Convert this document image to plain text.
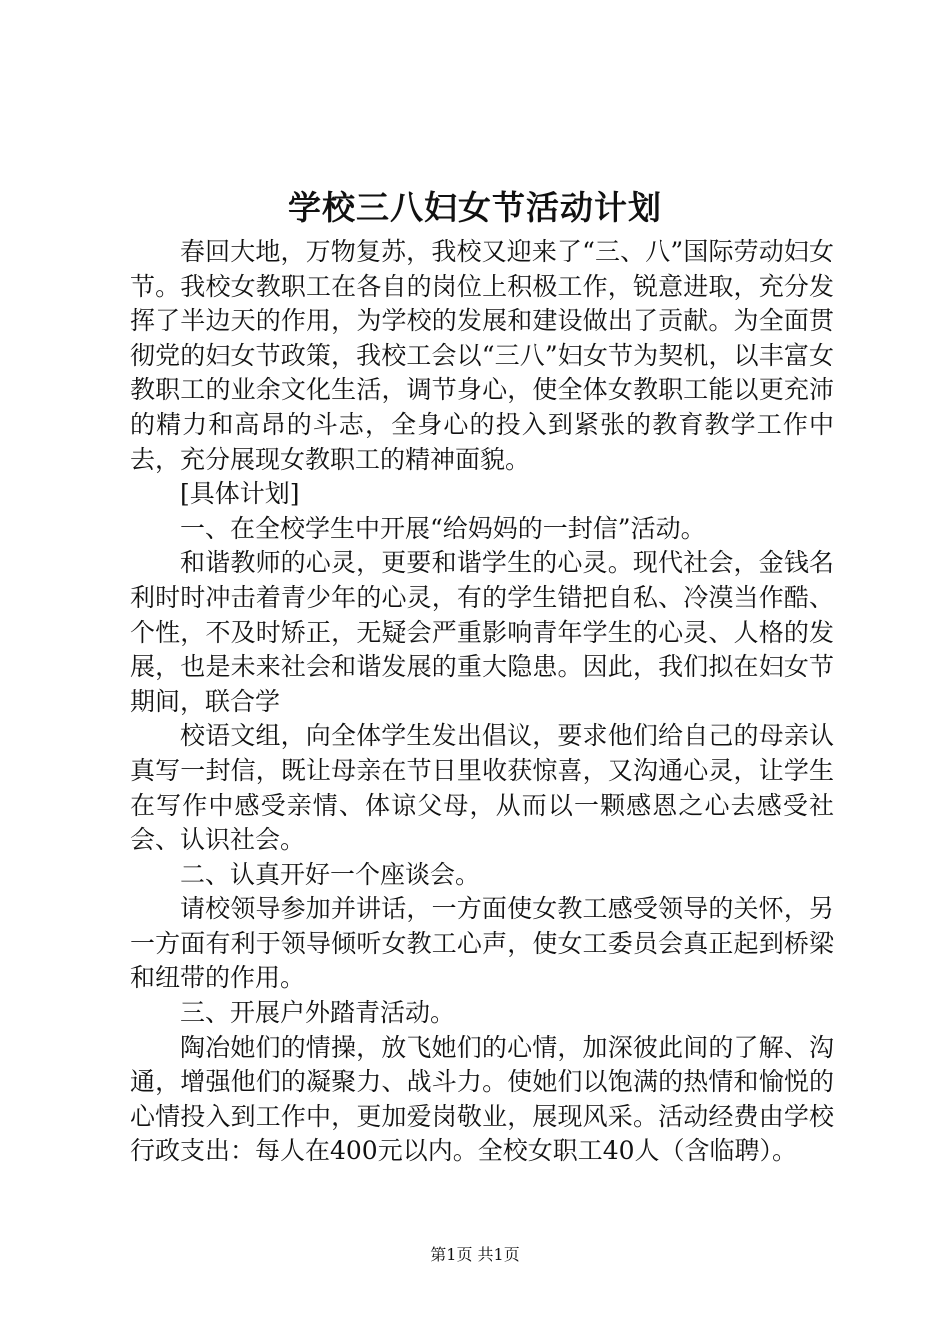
学校三八妇女节活动计划

春回大地，万物复苏，我校又迎来了“三、八”国际劳动妇女节。我校女教职工在各自的岗位上积极工作，锐意进取，充分发挥了半边天的作用，为学校的发展和建设做出了贡献。为全面贯彻党的妇女节政策，我校工会以“三八”妇女节为契机，以丰富女教职工的业余文化生活，调节身心，使全体女教职工能以更充沛的精力和高昂的斗志，全身心的投入到紧张的教育教学工作中去，充分展现女教职工的精神面貌。

[具体计划]

一、在全校学生中开展“给妈妈的一封信”活动。

和谐教师的心灵，更要和谐学生的心灵。现代社会，金钱名利时时冲击着青少年的心灵，有的学生错把自私、冷漠当作酷、个性，不及时矫正，无疑会严重影响青年学生的心灵、人格的发展，也是未来社会和谐发展的重大隐患。因此，我们拟在妇女节期间，联合学

校语文组，向全体学生发出倡议，要求他们给自己的母亲认真写一封信，既让母亲在节日里收获惊喜，又沟通心灵，让学生在写作中感受亲情、体谅父母，从而以一颗感恩之心去感受社会、认识社会。

二、认真开好一个座谈会。

请校领导参加并讲话，一方面使女教工感受领导的关怀，另一方面有利于领导倾听女教工心声，使女工委员会真正起到桥梁和纽带的作用。

三、开展户外踏青活动。

陶冶她们的情操，放飞她们的心情，加深彼此间的了解、沟通，增强他们的凝聚力、战斗力。使她们以饱满的热情和愉悦的心情投入到工作中，更加爱岗敬业，展现风采。活动经费由学校行政支出：每人在400元以内。全校女职工40人（含临聘）。

第1页 共1页
